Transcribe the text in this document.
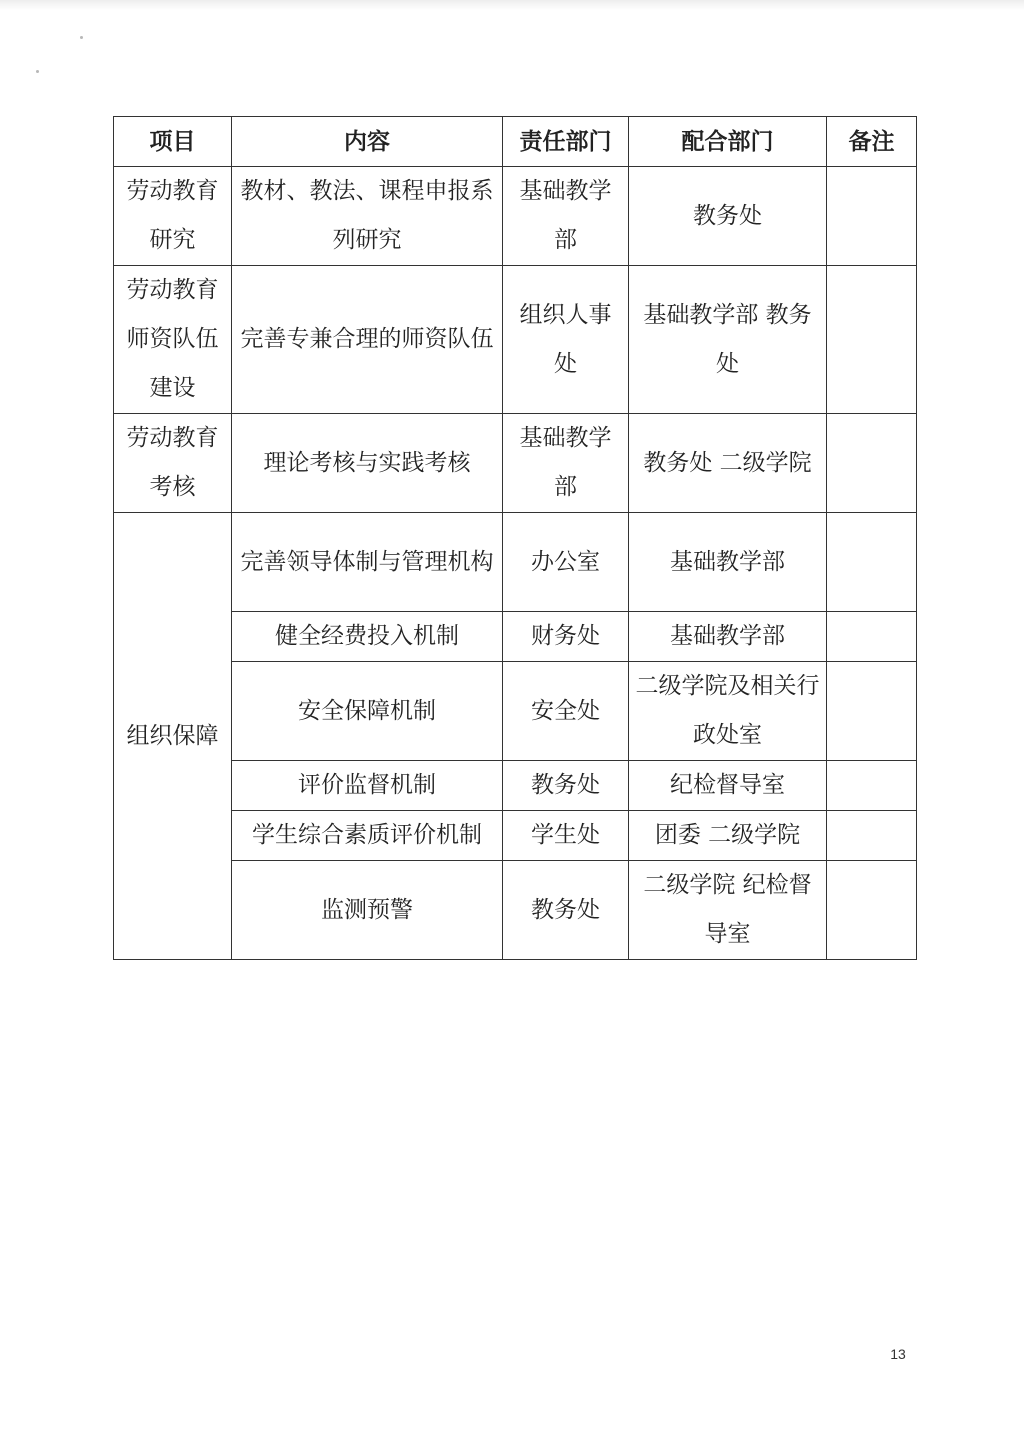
项目	内容	责任部门	配合部门	备注
劳动教育研究	教材、教法、课程申报系列研究	基础教学部	教务处	
劳动教育师资队伍建设	完善专兼合理的师资队伍	组织人事处	基础教学部 教务处	
劳动教育考核	理论考核与实践考核	基础教学部	教务处 二级学院	
组织保障	完善领导体制与管理机构	办公室	基础教学部	
	健全经费投入机制	财务处	基础教学部	
	安全保障机制	安全处	二级学院及相关行政处室	
	评价监督机制	教务处	纪检督导室	
	学生综合素质评价机制	学生处	团委 二级学院	
	监测预警	教务处	二级学院 纪检督导室	
13
